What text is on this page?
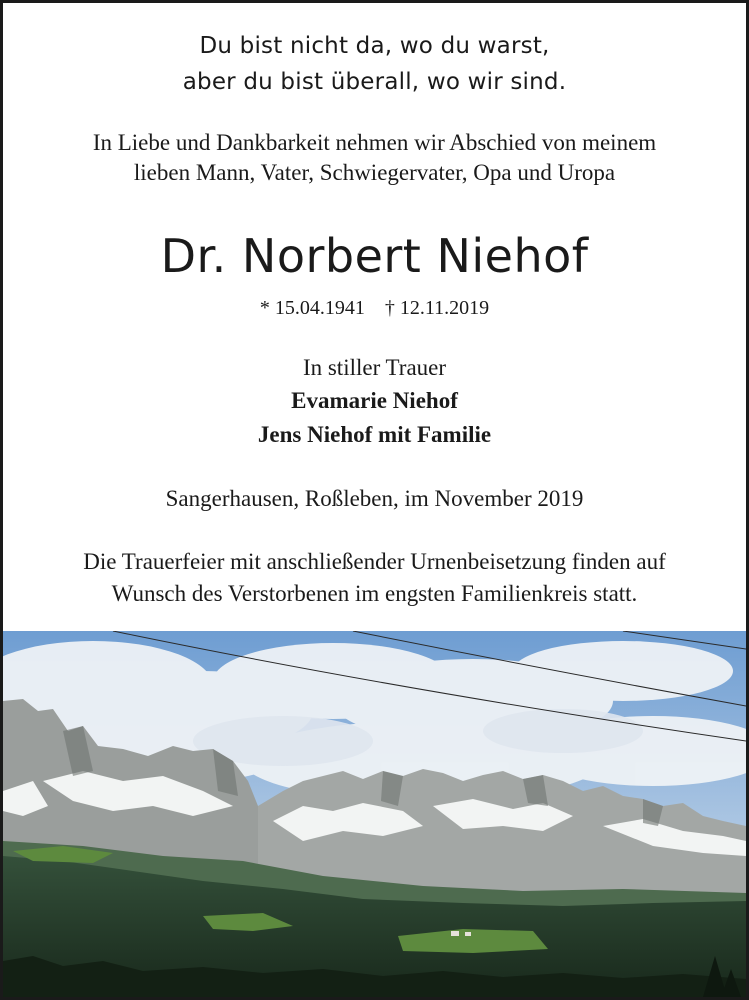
Du bist nicht da, wo du warst,
aber du bist überall, wo wir sind.
In Liebe und Dankbarkeit nehmen wir Abschied von meinem
lieben Mann, Vater, Schwiegervater, Opa und Uropa
Dr. Norbert Niehof
* 15.04.1941    † 12.11.2019
In stiller Trauer
Evamarie Niehof
Jens Niehof mit Familie
Sangerhausen, Roßleben, im November 2019
Die Trauerfeier mit anschließender Urnenbeisetzung finden auf
Wunsch des Verstorbenen im engsten Familienkreis statt.
